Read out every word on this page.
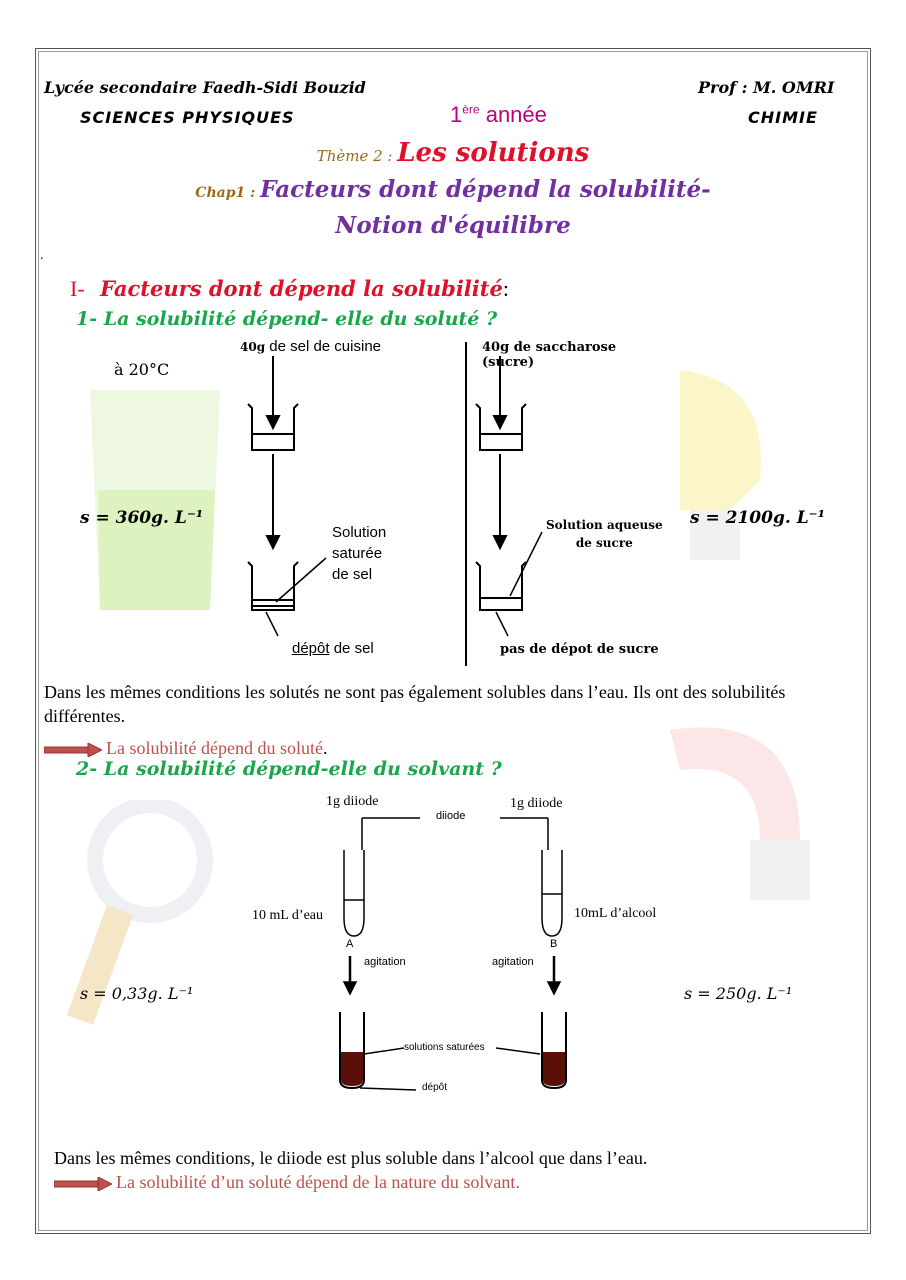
Lycée secondaire Faedh-Sidi Bouzid	Prof : M. OMRI
SCIENCES PHYSIQUES	1ère année	CHIMIE
Thème 2 : Les solutions
Chap1 : Facteurs dont dépend la solubilité-
Notion d'équilibre
.
I- Facteurs dont dépend la solubilité:
1- La solubilité dépend- elle du soluté ?
à 20°C
s = 360g. L⁻¹	s = 2100g. L⁻¹
40g de sel de cuisine
Solution
saturée
de sel
dépôt de sel
40g de saccharose (sucre)
Solution aqueuse
de sucre
pas de dépot de sucre
Dans les mêmes conditions les solutés ne sont pas également solubles dans l’eau. Ils ont des solubilités différentes.
La solubilité dépend du soluté.
2- La solubilité dépend-elle du solvant ?
1g diiode	1g diiode
diiode
10 mL d’eau	10mL d’alcool
A	B
agitation	agitation
solutions saturées
dépôt
s = 0,33g. L⁻¹	s = 250g. L⁻¹
Dans les mêmes conditions, le diiode est plus soluble dans l’alcool que dans l’eau.
La solubilité d’un soluté dépend de la nature du solvant.
